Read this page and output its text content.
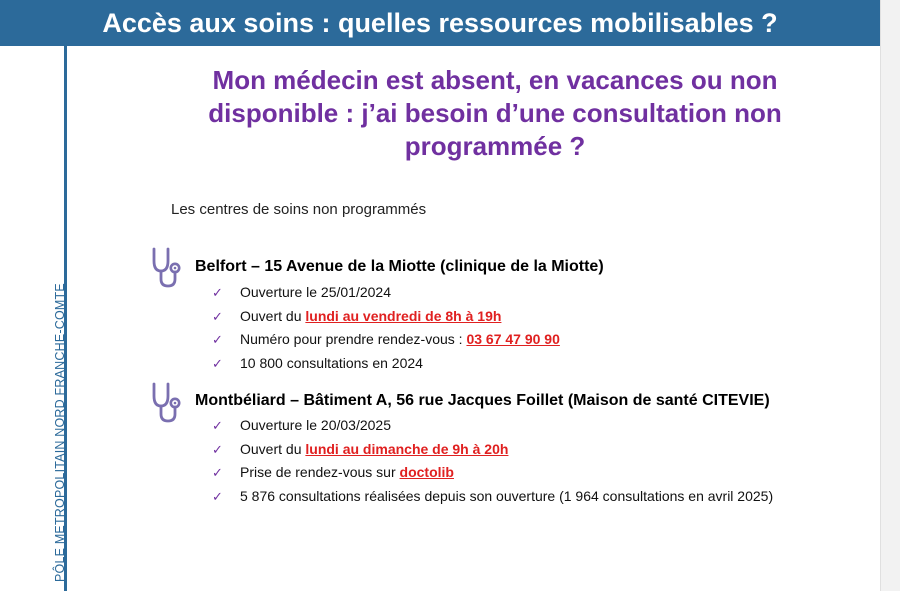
Accès aux soins : quelles ressources mobilisables ?
PÔLE METROPOLITAIN NORD FRANCHE-COMTE
Mon médecin est absent, en vacances ou non disponible : j’ai besoin d’une consultation non programmée ?
Les centres de soins non programmés
Belfort – 15 Avenue de la Miotte (clinique de la Miotte)
✓ Ouverture le 25/01/2024
✓ Ouvert du lundi au vendredi de 8h à 19h
✓ Numéro pour prendre rendez-vous : 03 67 47 90 90
✓ 10 800 consultations en 2024
Montbéliard – Bâtiment A, 56 rue Jacques Foillet (Maison de santé CITEVIE)
✓ Ouverture le 20/03/2025
✓ Ouvert du lundi au dimanche de 9h à 20h
✓ Prise de rendez-vous sur doctolib
✓ 5 876 consultations réalisées depuis son ouverture (1 964 consultations en avril 2025)
